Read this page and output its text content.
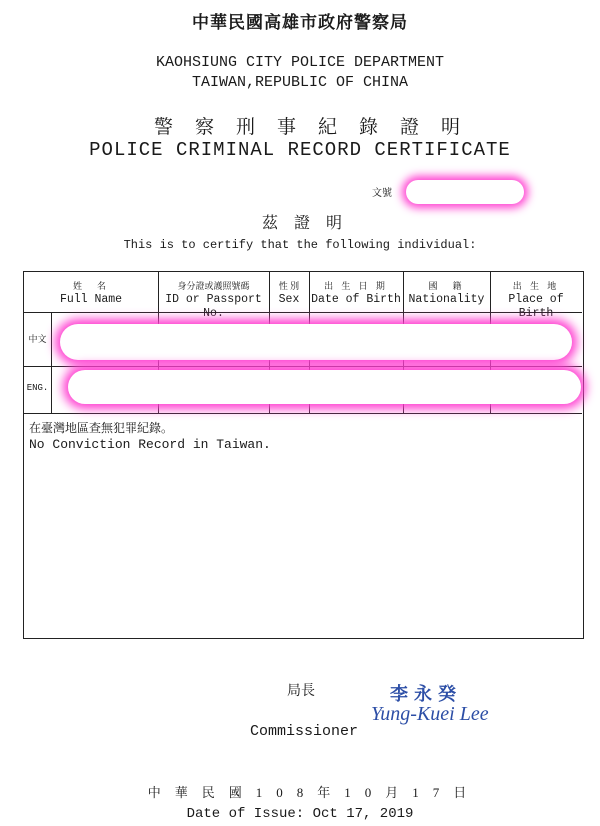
中華民國高雄市政府警察局
KAOHSIUNG CITY POLICE DEPARTMENT
TAIWAN,REPUBLIC OF CHINA
警察刑事紀錄證明
POLICE CRIMINAL RECORD CERTIFICATE
文號
茲證明
This is to certify that the following individual:
姓　名
Full Name
身分證或護照號碼
ID or Passport No.
性 別
Sex
出 生 日 期
Date of Birth
國　籍
Nationality
出 生 地
Place of Birth
中文
ENG.
在臺灣地區查無犯罪紀錄。
No Conviction Record in Taiwan.
局長
Commissioner
李永癸
Yung-Kuei Lee
中華民國108年10月17日
Date of Issue: Oct 17, 2019
